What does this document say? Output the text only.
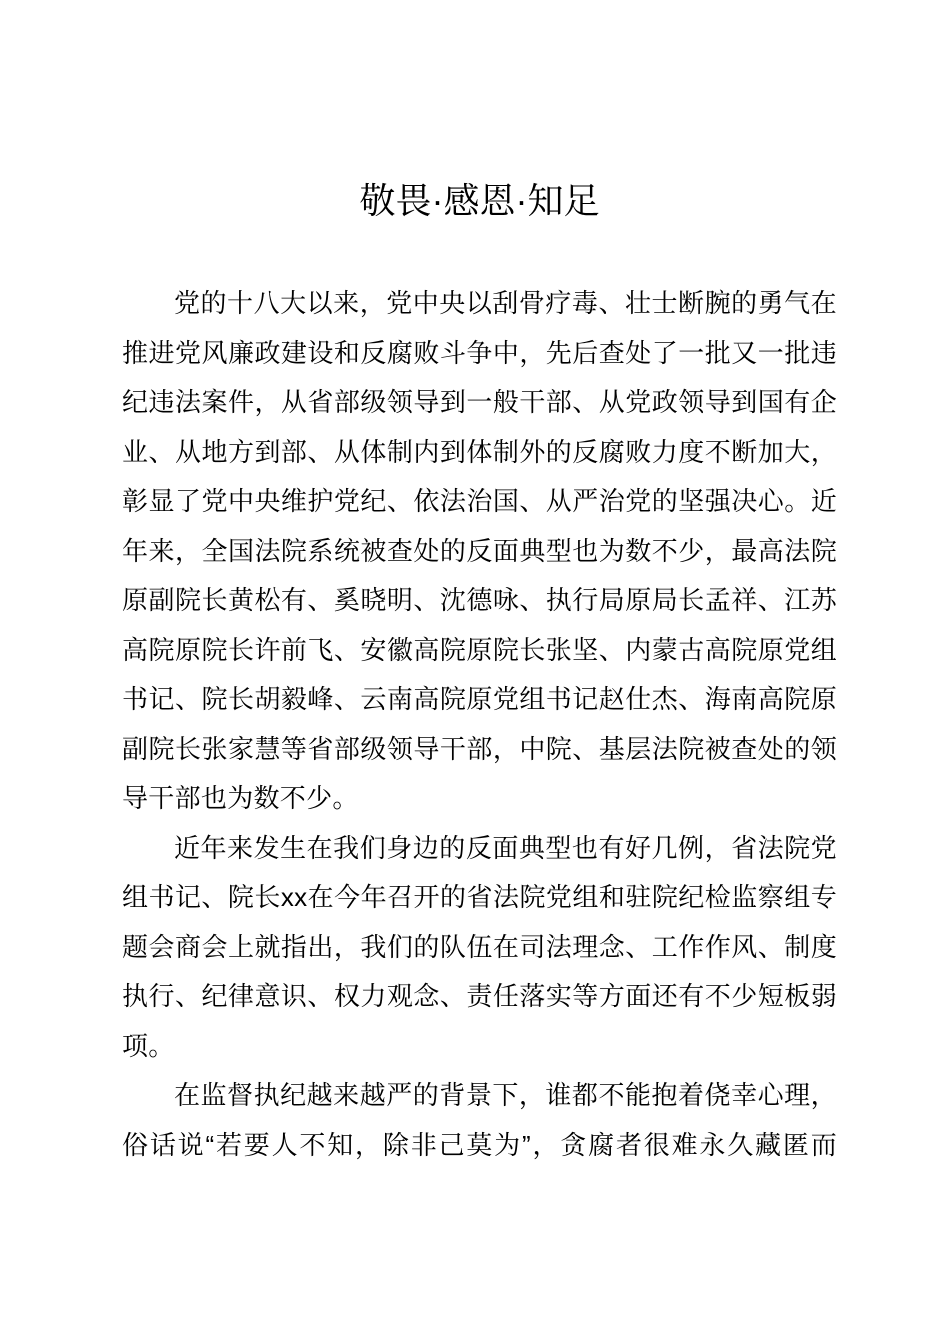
敬畏·感恩·知足

党的十八大以来，党中央以刮骨疗毒、壮士断腕的勇气在推进党风廉政建设和反腐败斗争中，先后查处了一批又一批违纪违法案件，从省部级领导到一般干部、从党政领导到国有企业、从地方到部、从体制内到体制外的反腐败力度不断加大，彰显了党中央维护党纪、依法治国、从严治党的坚强决心。近年来，全国法院系统被查处的反面典型也为数不少，最高法院原副院长黄松有、奚晓明、沈德咏、执行局原局长孟祥、江苏高院原院长许前飞、安徽高院原院长张坚、内蒙古高院原党组书记、院长胡毅峰、云南高院原党组书记赵仕杰、海南高院原副院长张家慧等省部级领导干部，中院、基层法院被查处的领导干部也为数不少。

近年来发生在我们身边的反面典型也有好几例，省法院党组书记、院长xx在今年召开的省法院党组和驻院纪检监察组专题会商会上就指出，我们的队伍在司法理念、工作作风、制度执行、纪律意识、权力观念、责任落实等方面还有不少短板弱项。

在监督执纪越来越严的背景下，谁都不能抱着侥幸心理，俗话说“若要人不知，除非己莫为”，贪腐者很难永久藏匿而
